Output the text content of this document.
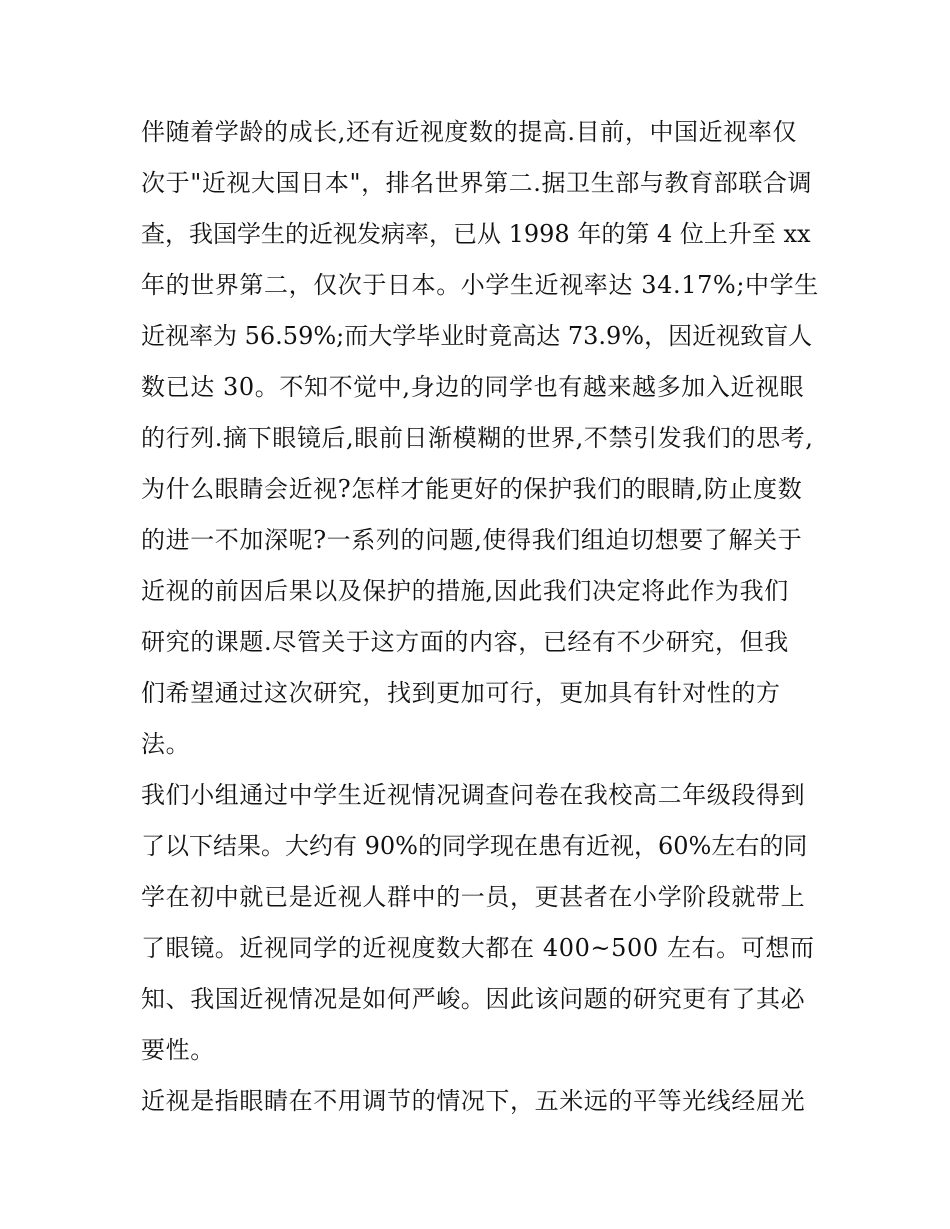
伴随着学龄的成长,还有近视度数的提高.目前，中国近视率仅
次于"近视大国日本"，排名世界第二.据卫生部与教育部联合调
查，我国学生的近视发病率，已从 1998 年的第 4 位上升至 xx
年的世界第二，仅次于日本。小学生近视率达 34.17%;中学生
近视率为 56.59%;而大学毕业时竟高达 73.9%，因近视致盲人
数已达 30。不知不觉中,身边的同学也有越来越多加入近视眼
的行列.摘下眼镜后,眼前日渐模糊的世界,不禁引发我们的思考,
为什么眼睛会近视?怎样才能更好的保护我们的眼睛,防止度数
的进一不加深呢?一系列的问题,使得我们组迫切想要了解关于
近视的前因后果以及保护的措施,因此我们决定将此作为我们
研究的课题.尽管关于这方面的内容，已经有不少研究，但我
们希望通过这次研究，找到更加可行，更加具有针对性的方
法。
我们小组通过中学生近视情况调查问卷在我校高二年级段得到
了以下结果。大约有 90%的同学现在患有近视，60%左右的同
学在初中就已是近视人群中的一员，更甚者在小学阶段就带上
了眼镜。近视同学的近视度数大都在 400~500 左右。可想而
知、我国近视情况是如何严峻。因此该问题的研究更有了其必
要性。
近视是指眼睛在不用调节的情况下，五米远的平等光线经屈光
